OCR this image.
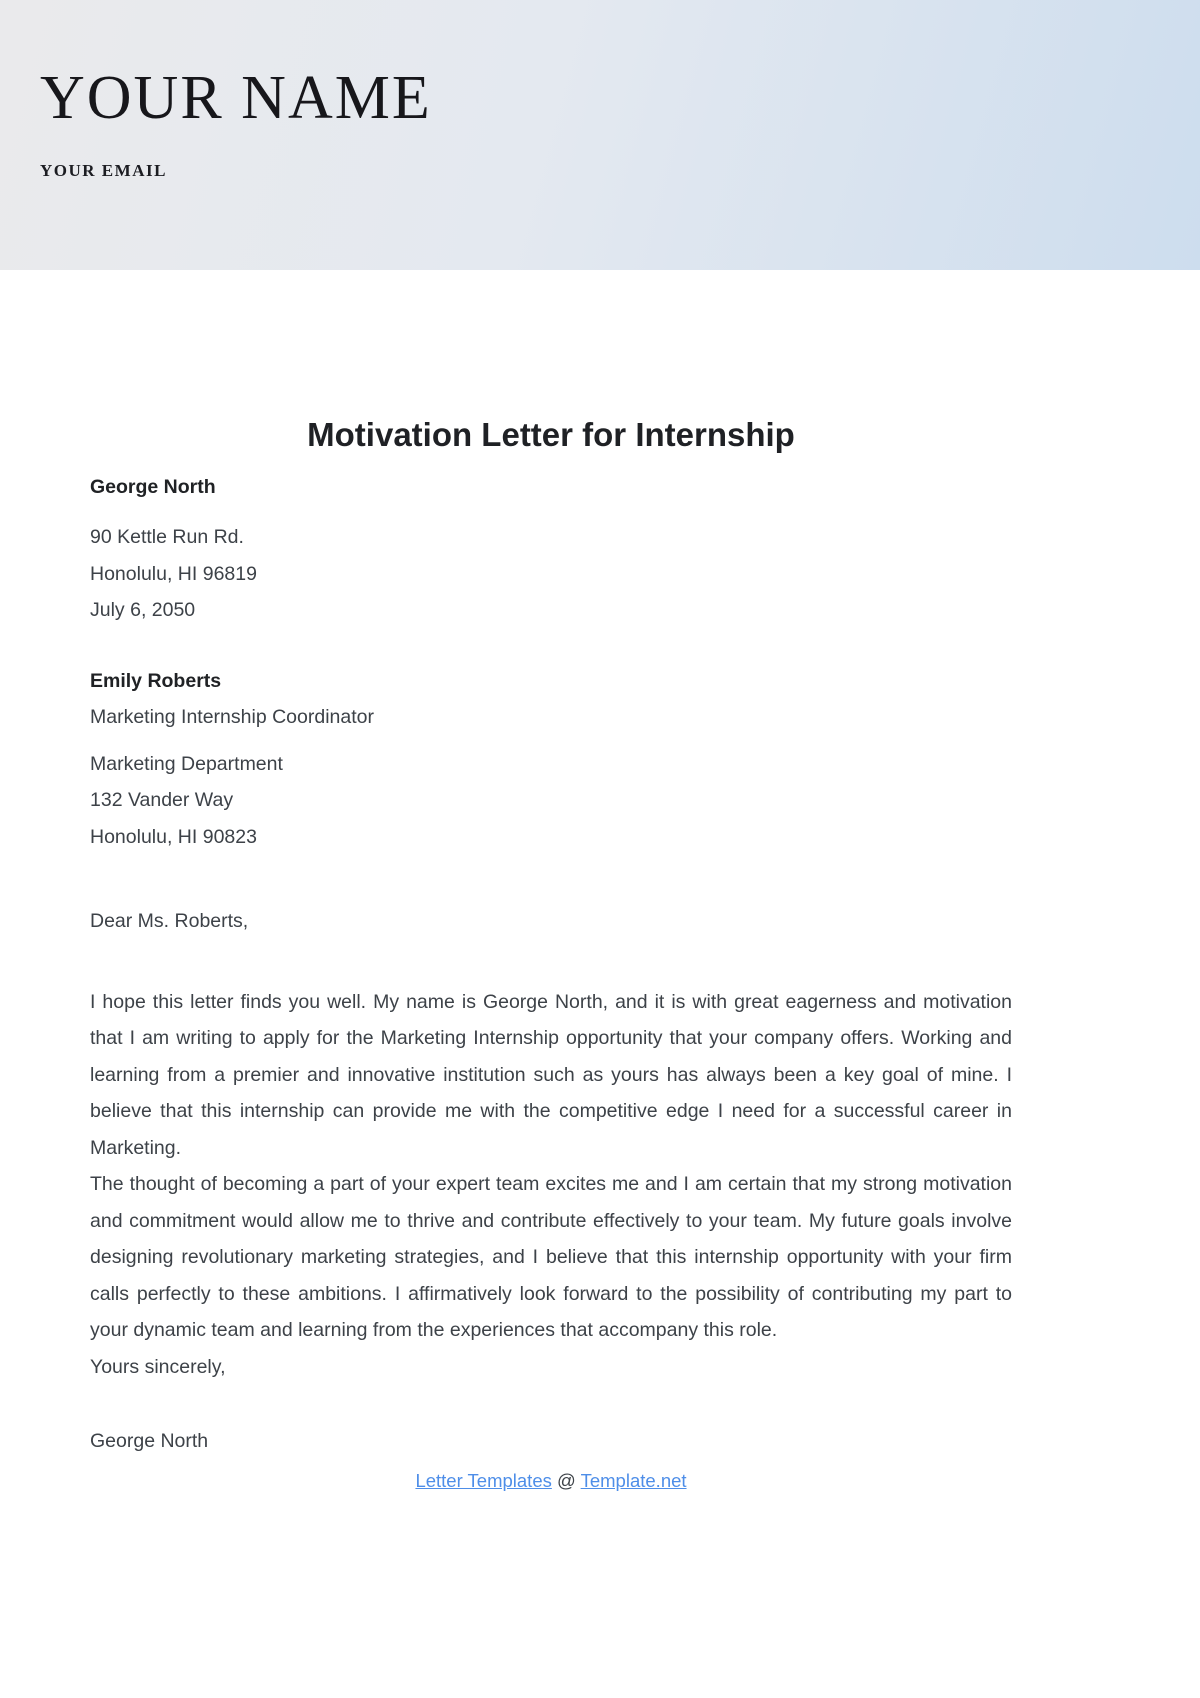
YOUR NAME
YOUR EMAIL
Motivation Letter for Internship
George North
90 Kettle Run Rd.
Honolulu, HI 96819
July 6, 2050
Emily Roberts
Marketing Internship Coordinator
Marketing Department
132 Vander Way
Honolulu, HI 90823
Dear Ms. Roberts,

I hope this letter finds you well. My name is George North, and it is with great eagerness and motivation that I am writing to apply for the Marketing Internship opportunity that your company offers. Working and learning from a premier and innovative institution such as yours has always been a key goal of mine. I believe that this internship can provide me with the competitive edge I need for a successful career in Marketing.

The thought of becoming a part of your expert team excites me and I am certain that my strong motivation and commitment would allow me to thrive and contribute effectively to your team. My future goals involve designing revolutionary marketing strategies, and I believe that this internship opportunity with your firm calls perfectly to these ambitions. I affirmatively look forward to the possibility of contributing my part to your dynamic team and learning from the experiences that accompany this role.

Yours sincerely,
George North
Letter Templates @ Template.net
